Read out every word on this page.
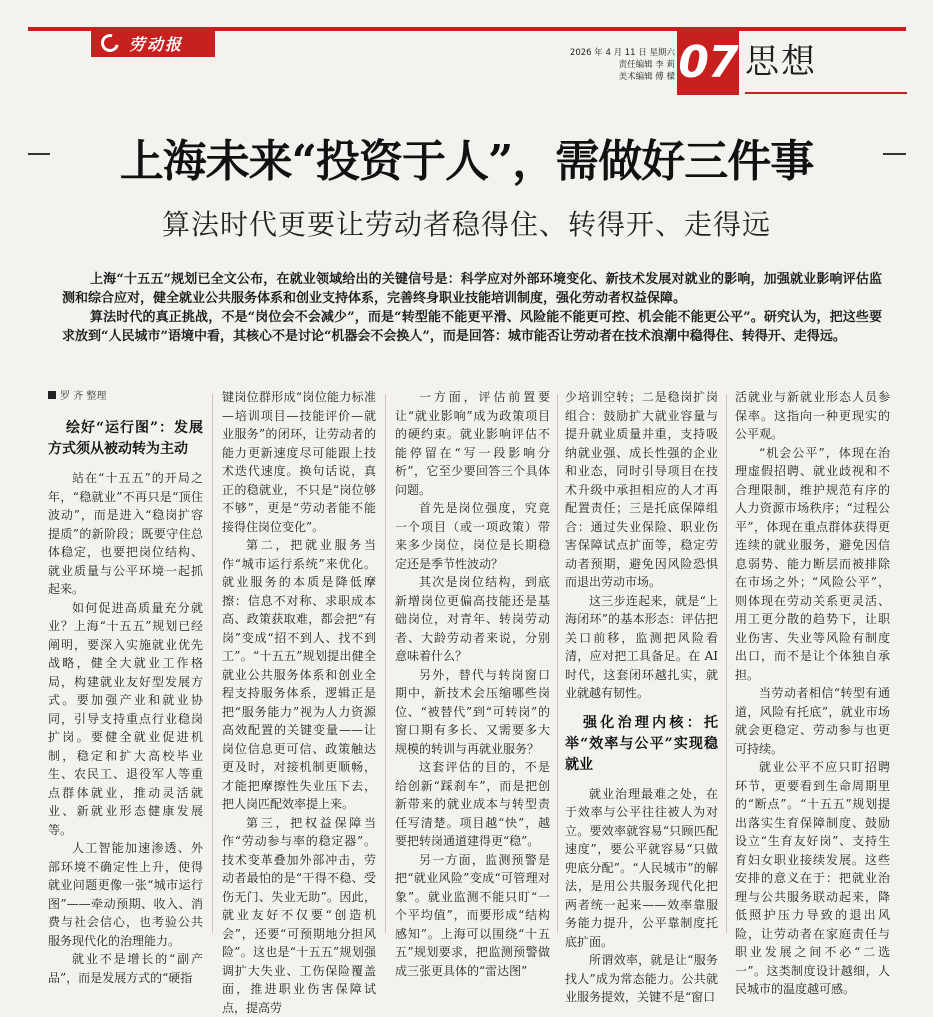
劳动报	2026 年 4 月 11 日 星期六
责任编辑 李 莉
美术编辑 傅 樑 07 思想
上海未来“投资于人”，需做好三件事
算法时代更要让劳动者稳得住、转得开、走得远

上海“十五五”规划已全文公布，在就业领域给出的关键信号是：科学应对外部环境变化、新技术发展对就业的影响，加强就业影响评估监测和综合应对，健全就业公共服务体系和创业支持体系，完善终身职业技能培训制度，强化劳动者权益保障。

算法时代的真正挑战，不是“岗位会不会减少”，而是“转型能不能更平滑、风险能不能更可控、机会能不能更公平”。研究认为，把这些要求放到“人民城市”语境中看，其核心不是讨论“机器会不会换人”，而是回答：城市能否让劳动者在技术浪潮中稳得住、转得开、走得远。

罗 齐 整理
绘好“运行图”：发展方式须从被动转为主动

站在“十五五”的开局之年，“稳就业”不再只是“顶住波动”，而是进入“稳岗扩容提质”的新阶段；既要守住总体稳定，也要把岗位结构、就业质量与公平环境一起抓起来。

如何促进高质量充分就业？上海“十五五”规划已经阐明，要深入实施就业优先战略，健全大就业工作格局，构建就业友好型发展方式。要加强产业和就业协同，引导支持重点行业稳岗扩岗。要健全就业促进机制，稳定和扩大高校毕业生、农民工、退役军人等重点群体就业，推动灵活就业、新就业形态健康发展等。

人工智能加速渗透、外部环境不确定性上升，使得就业问题更像一张“城市运行图”——牵动预期、收入、消费与社会信心，也考验公共服务现代化的治理能力。

就业不是增长的“副产品”，而是发展方式的“硬指

键岗位群形成“岗位能力标准—培训项目—技能评价—就业服务”的闭环，让劳动者的能力更新速度尽可能跟上技术迭代速度。换句话说，真正的稳就业，不只是“岗位够不够”，更是“劳动者能不能接得住岗位变化”。

第二，把就业服务当作“城市运行系统”来优化。就业服务的本质是降低摩擦：信息不对称、求职成本高、政策获取难，都会把“有岗”变成“招不到人、找不到工”。“十五五”规划提出健全就业公共服务体系和创业全程支持服务体系，逻辑正是把“服务能力”视为人力资源高效配置的关键变量——让岗位信息更可信、政策触达更及时，对接机制更顺畅，才能把摩擦性失业压下去，把人岗匹配效率提上来。

第三，把权益保障当作“劳动参与率的稳定器”。技术变革叠加外部冲击，劳动者最怕的是“干得不稳、受伤无门、失业无助”。因此，就业友好不仅要“创造机会”，还要“可预期地分担风险”。这也是“十五五”规划强调扩大失业、工伤保险覆盖面，推进职业伤害保障试点，提高劳

一方面，评估前置要让“就业影响”成为政策项目的硬约束。就业影响评估不能停留在“写一段影响分析”，它至少要回答三个具体问题。

首先是岗位强度，究竟一个项目（或一项政策）带来多少岗位，岗位是长期稳定还是季节性波动？

其次是岗位结构，到底新增岗位更偏高技能还是基础岗位，对青年、转岗劳动者、大龄劳动者来说，分别意味着什么？

另外，替代与转岗窗口期中，新技术会压缩哪些岗位、“被替代”到“可转岗”的窗口期有多长、又需要多大规模的转训与再就业服务？

这套评估的目的，不是给创新“踩刹车”，而是把创新带来的就业成本与转型责任写清楚。项目越“快”，越要把转岗通道建得更“稳”。

另一方面，监测预警是把“就业风险”变成“可管理对象”。就业监测不能只盯“一个平均值”，而要形成“结构感知”。上海可以围绕“十五五”规划要求，把监测预警做成三张更具体的“雷达图”

少培训空转；二是稳岗扩岗组合：鼓励扩大就业容量与提升就业质量并重，支持吸纳就业强、成长性强的企业和业态，同时引导项目在技术升级中承担相应的人才再配置责任；三是托底保障组合：通过失业保险、职业伤害保障试点扩面等，稳定劳动者预期，避免因风险恐惧而退出劳动市场。

这三步连起来，就是“上海闭环”的基本形态：评估把关口前移，监测把风险看清，应对把工具备足。在 AI 时代，这套闭环越扎实，就业就越有韧性。

强化治理内核：托举“效率与公平”实现稳就业

就业治理最难之处，在于效率与公平往往被人为对立。要效率就容易“只顾匹配速度”，要公平就容易“只做兜底分配”。“人民城市”的解法，是用公共服务现代化把两者统一起来——效率靠服务能力提升，公平靠制度托底扩面。

所谓效率，就是让“服务找人”成为常态能力。公共就业服务提效，关键不是“窗口

活就业与新就业形态人员参保率。这指向一种更现实的公平观。

“机会公平”，体现在治理虚假招聘、就业歧视和不合理限制，维护规范有序的人力资源市场秩序；“过程公平”，体现在重点群体获得更连续的就业服务，避免因信息弱势、能力断层而被排除在市场之外；“风险公平”，则体现在劳动关系更灵活、用工更分散的趋势下，让职业伤害、失业等风险有制度出口，而不是让个体独自承担。

当劳动者相信“转型有通道，风险有托底”，就业市场就会更稳定、劳动参与也更可持续。

就业公平不应只盯招聘环节，更要看到生命周期里的“断点”。“十五五”规划提出落实生育保障制度、鼓励设立“生育友好岗”、支持生育妇女职业接续发展。这些安排的意义在于：把就业治理与公共服务联动起来，降低照护压力导致的退出风险，让劳动者在家庭责任与职业发展之间不必“二选一”。这类制度设计越细，人民城市的温度越可感。
